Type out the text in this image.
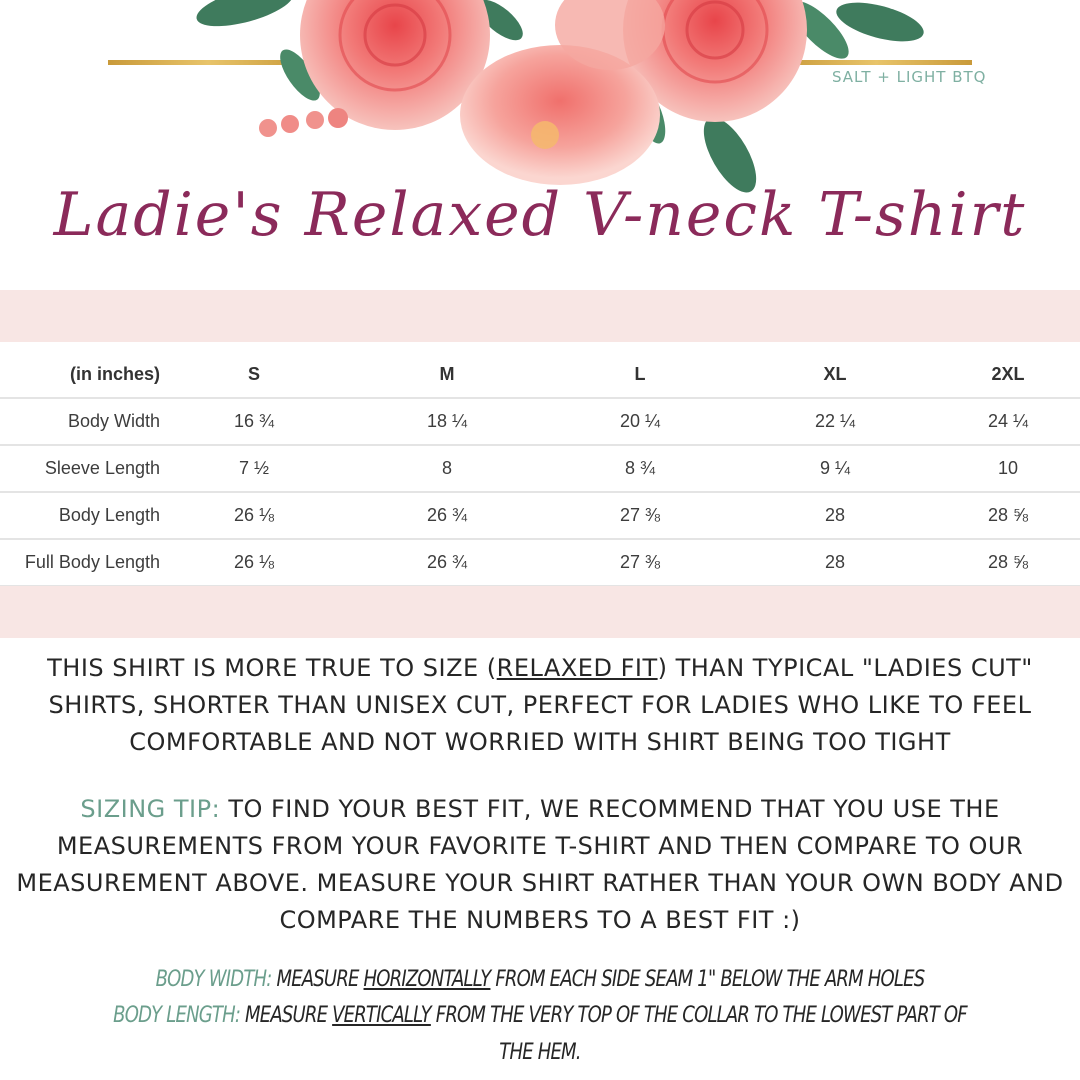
SALT + LIGHT BTQ
Ladie's Relaxed V-neck T-shirt
(in inches)	S	M	L	XL	2XL
Body Width	16 ¾	18 ¼	20 ¼	22 ¼	24 ¼
Sleeve Length	7 ½	8	8 ¾	9 ¼	10
Body Length	26 ⅛	26 ¾	27 ⅜	28	28 ⅝
Full Body Length	26 ⅛	26 ¾	27 ⅜	28	28 ⅝
THIS SHIRT IS MORE TRUE TO SIZE (RELAXED FIT) THAN TYPICAL "LADIES CUT" SHIRTS, SHORTER THAN UNISEX CUT, PERFECT FOR LADIES WHO LIKE TO FEEL COMFORTABLE AND NOT WORRIED WITH SHIRT BEING TOO TIGHT
SIZING TIP: TO FIND YOUR BEST FIT, WE RECOMMEND THAT YOU USE THE MEASUREMENTS FROM YOUR FAVORITE T-SHIRT AND THEN COMPARE TO OUR MEASUREMENT ABOVE. MEASURE YOUR SHIRT RATHER THAN YOUR OWN BODY AND COMPARE THE NUMBERS TO A BEST FIT :)
BODY WIDTH: MEASURE HORIZONTALLY FROM EACH SIDE SEAM 1" BELOW THE ARM HOLES
BODY LENGTH: MEASURE VERTICALLY FROM THE VERY TOP OF THE COLLAR TO THE LOWEST PART OF THE HEM.
